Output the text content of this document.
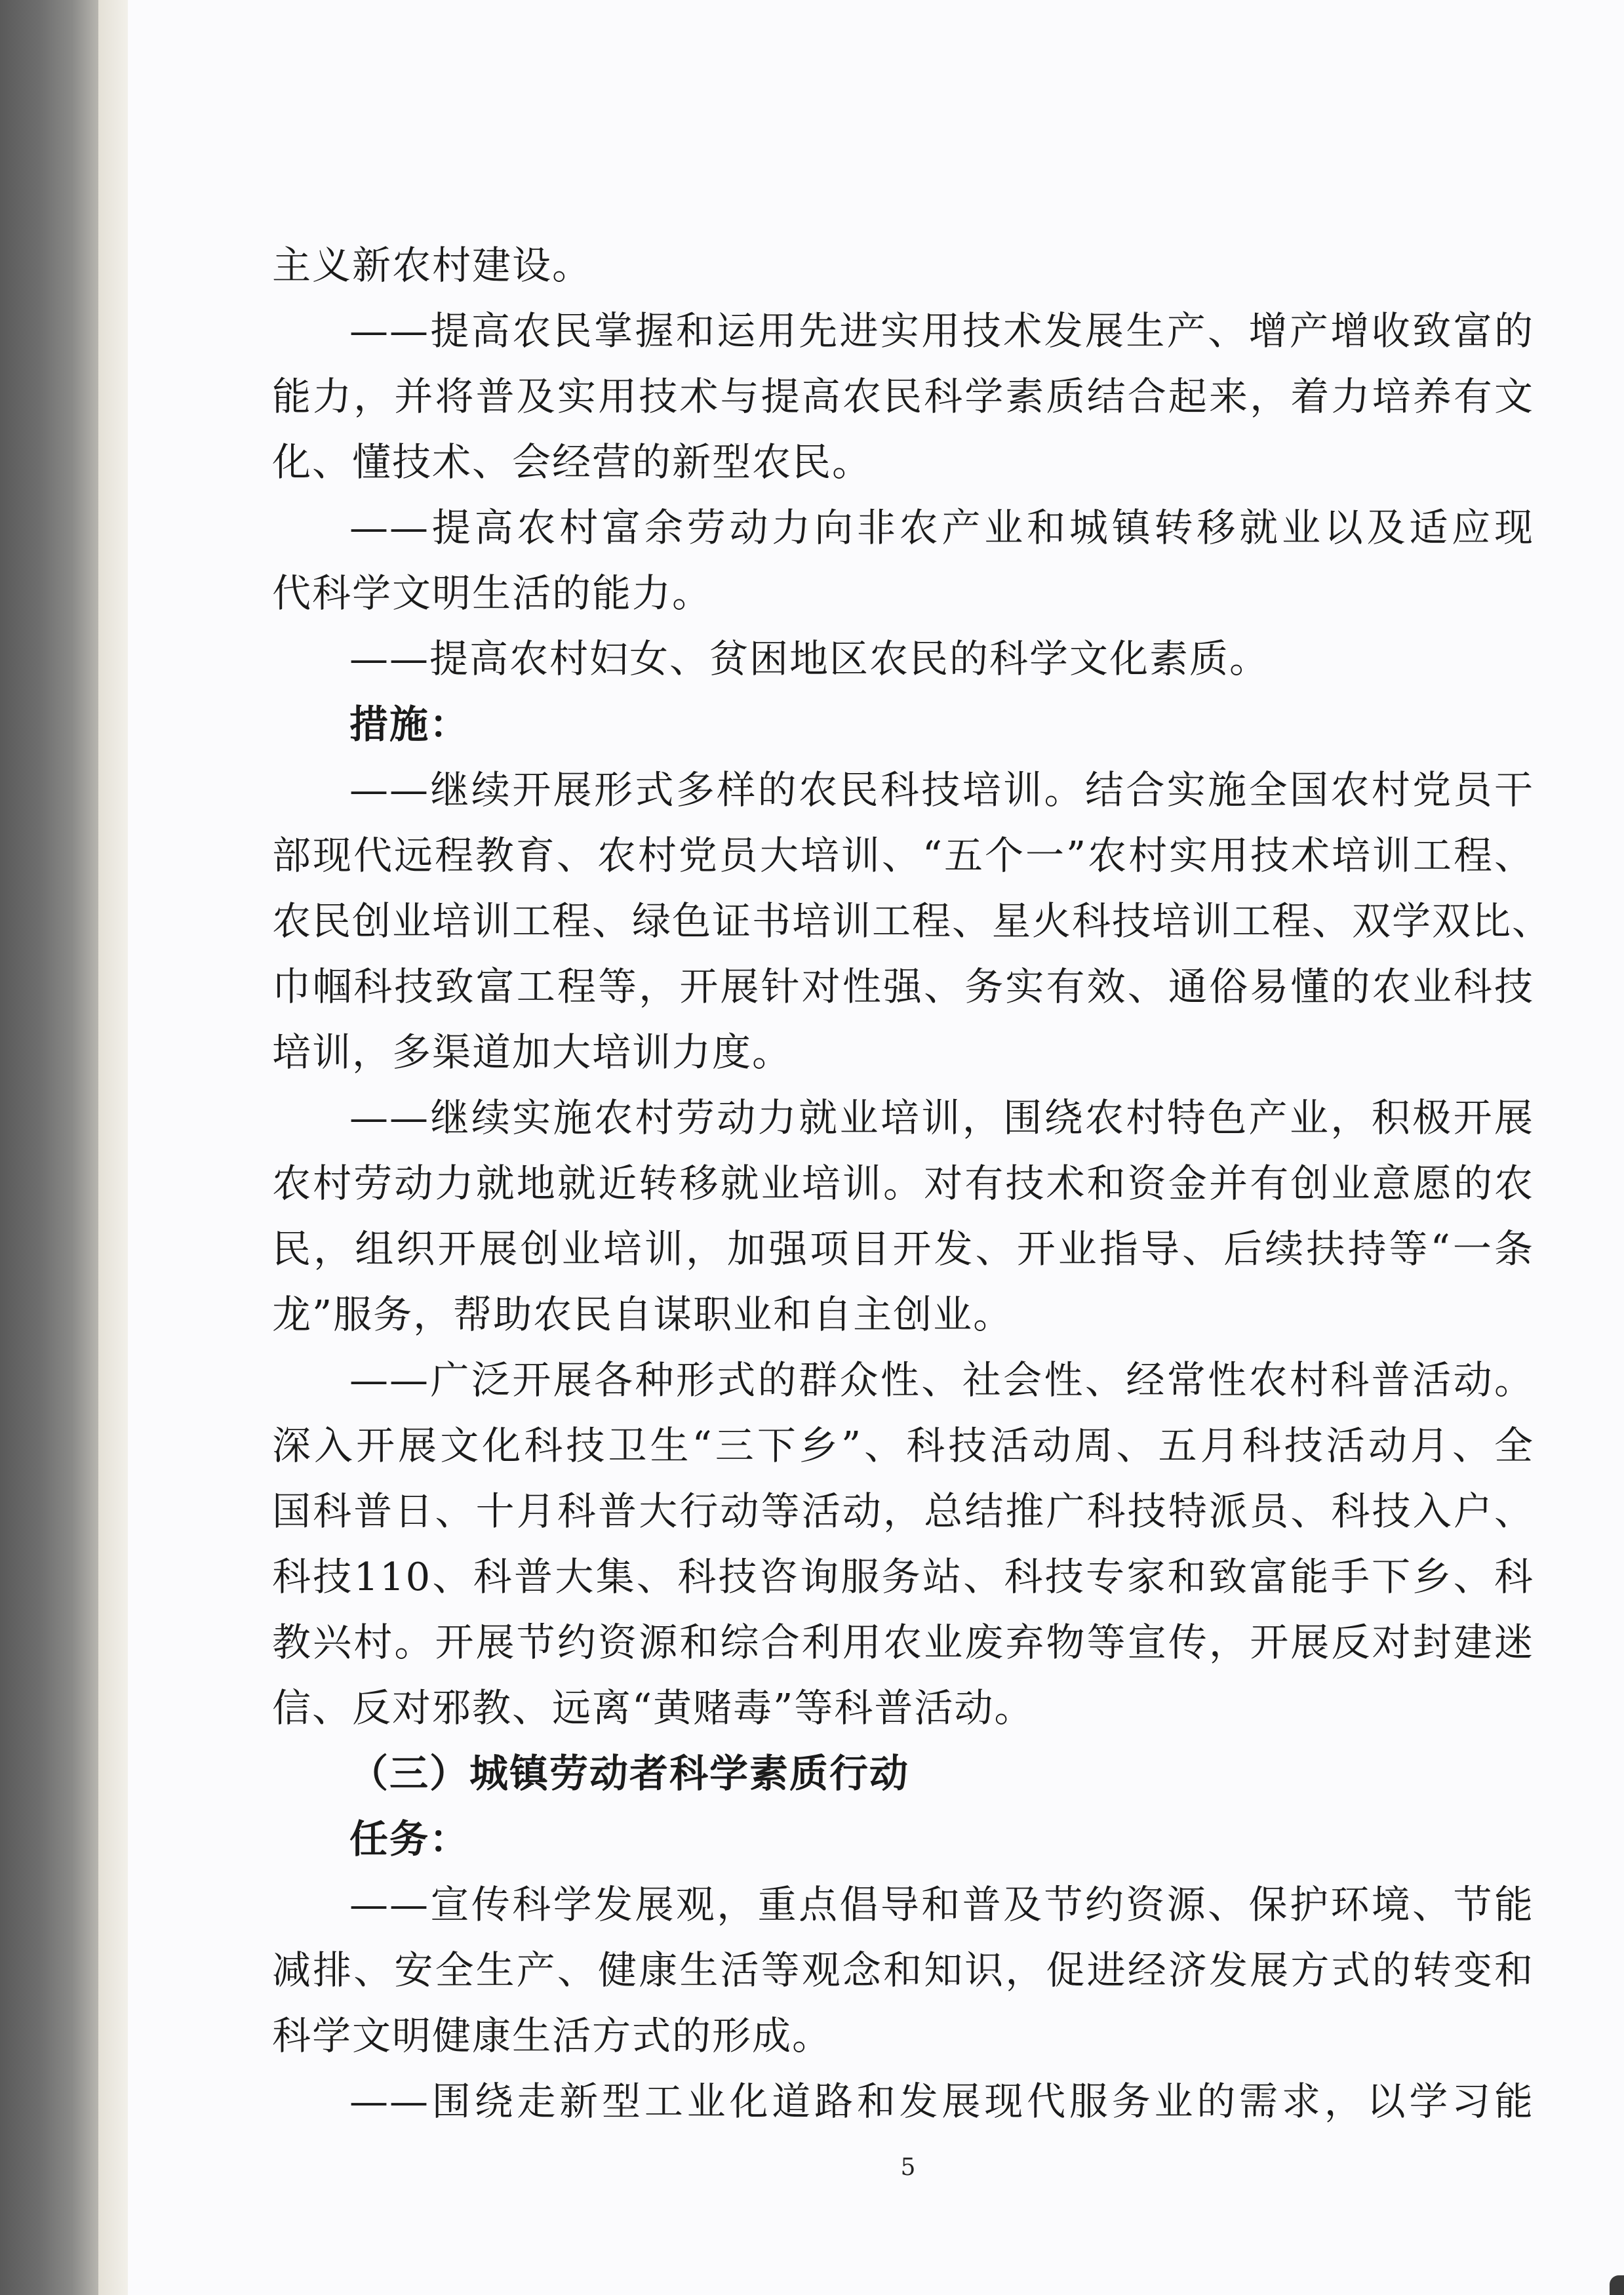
主义新农村建设。
——提高农民掌握和运用先进实用技术发展生产、增产增收致富的
能力，并将普及实用技术与提高农民科学素质结合起来，着力培养有文
化、懂技术、会经营的新型农民。
——提高农村富余劳动力向非农产业和城镇转移就业以及适应现
代科学文明生活的能力。
——提高农村妇女、贫困地区农民的科学文化素质。
措施：
——继续开展形式多样的农民科技培训。结合实施全国农村党员干
部现代远程教育、农村党员大培训、“五个一”农村实用技术培训工程、
农民创业培训工程、绿色证书培训工程、星火科技培训工程、双学双比、
巾帼科技致富工程等，开展针对性强、务实有效、通俗易懂的农业科技
培训，多渠道加大培训力度。
——继续实施农村劳动力就业培训，围绕农村特色产业，积极开展
农村劳动力就地就近转移就业培训。对有技术和资金并有创业意愿的农
民，组织开展创业培训，加强项目开发、开业指导、后续扶持等“一条
龙”服务，帮助农民自谋职业和自主创业。
——广泛开展各种形式的群众性、社会性、经常性农村科普活动。
深入开展文化科技卫生“三下乡”、科技活动周、五月科技活动月、全
国科普日、十月科普大行动等活动，总结推广科技特派员、科技入户、
科技110、科普大集、科技咨询服务站、科技专家和致富能手下乡、科
教兴村。开展节约资源和综合利用农业废弃物等宣传，开展反对封建迷
信、反对邪教、远离“黄赌毒”等科普活动。
（三）城镇劳动者科学素质行动
任务：
——宣传科学发展观，重点倡导和普及节约资源、保护环境、节能
减排、安全生产、健康生活等观念和知识，促进经济发展方式的转变和
科学文明健康生活方式的形成。
——围绕走新型工业化道路和发展现代服务业的需求，以学习能
5
